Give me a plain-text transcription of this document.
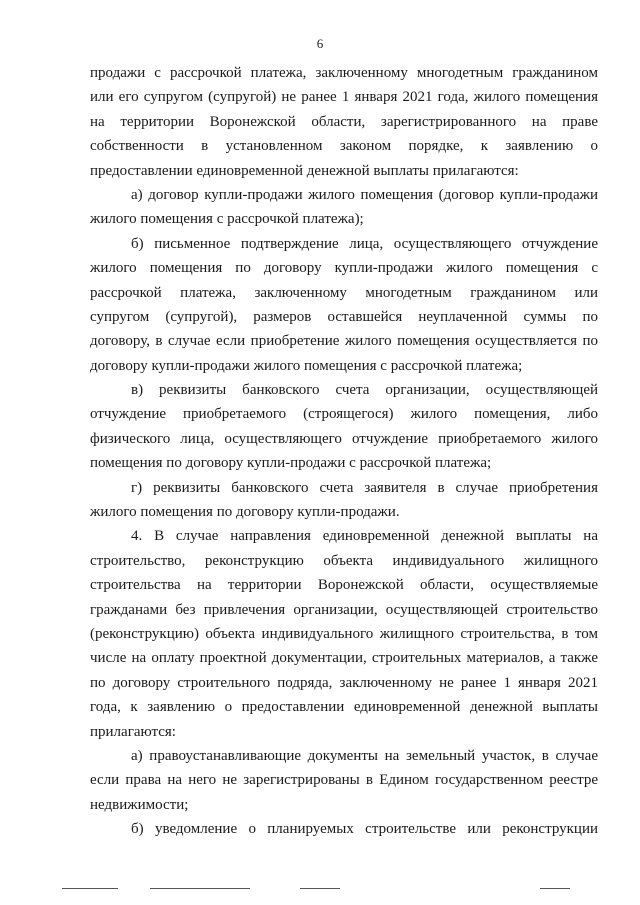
6
продажи с рассрочкой платежа, заключенному многодетным гражданином
или его супругом (супругой) не ранее 1 января 2021 года, жилого помещения
на территории Воронежской области, зарегистрированного на праве
собственности в установленном законом порядке, к заявлению о
предоставлении единовременной денежной выплаты прилагаются:
а) договор купли-продажи жилого помещения (договор купли-продажи
жилого помещения с рассрочкой платежа);
б) письменное подтверждение лица, осуществляющего отчуждение
жилого помещения по договору купли-продажи жилого помещения с
рассрочкой платежа, заключенному многодетным гражданином или
супругом (супругой), размеров оставшейся неуплаченной суммы по
договору, в случае если приобретение жилого помещения осуществляется по
договору купли-продажи жилого помещения с рассрочкой платежа;
в) реквизиты банковского счета организации, осуществляющей
отчуждение приобретаемого (строящегося) жилого помещения, либо
физического лица, осуществляющего отчуждение приобретаемого жилого
помещения по договору купли-продажи с рассрочкой платежа;
г) реквизиты банковского счета заявителя в случае приобретения
жилого помещения по договору купли-продажи.
4. В случае направления единовременной денежной выплаты на
строительство, реконструкцию объекта индивидуального жилищного
строительства на территории Воронежской области, осуществляемые
гражданами без привлечения организации, осуществляющей строительство
(реконструкцию) объекта индивидуального жилищного строительства, в том
числе на оплату проектной документации, строительных материалов, а также
по договору строительного подряда, заключенному не ранее 1 января 2021
года, к заявлению о предоставлении единовременной денежной выплаты
прилагаются:
а) правоустанавливающие документы на земельный участок, в случае
если права на него не зарегистрированы в Едином государственном реестре
недвижимости;
б) уведомление о планируемых строительстве или реконструкции
